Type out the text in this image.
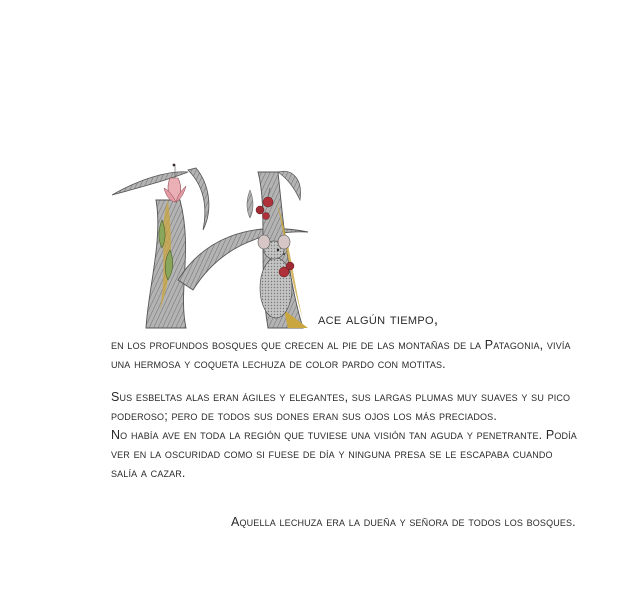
ace algún tiempo,
en los profundos bosques que crecen al pie de las montañas de la Patagonia, vivía
una hermosa y coqueta lechuza de color pardo con motitas.
Sus esbeltas alas eran ágiles y elegantes, sus largas plumas muy suaves y su pico
poderoso; pero de todos sus dones eran sus ojos los más preciados.
No había ave en toda la región que tuviese una visión tan aguda y penetrante. Podía
ver en la oscuridad como si fuese de día y ninguna presa se le escapaba cuando
salía a cazar.
Aquella lechuza era la dueña y señora de todos los bosques.
